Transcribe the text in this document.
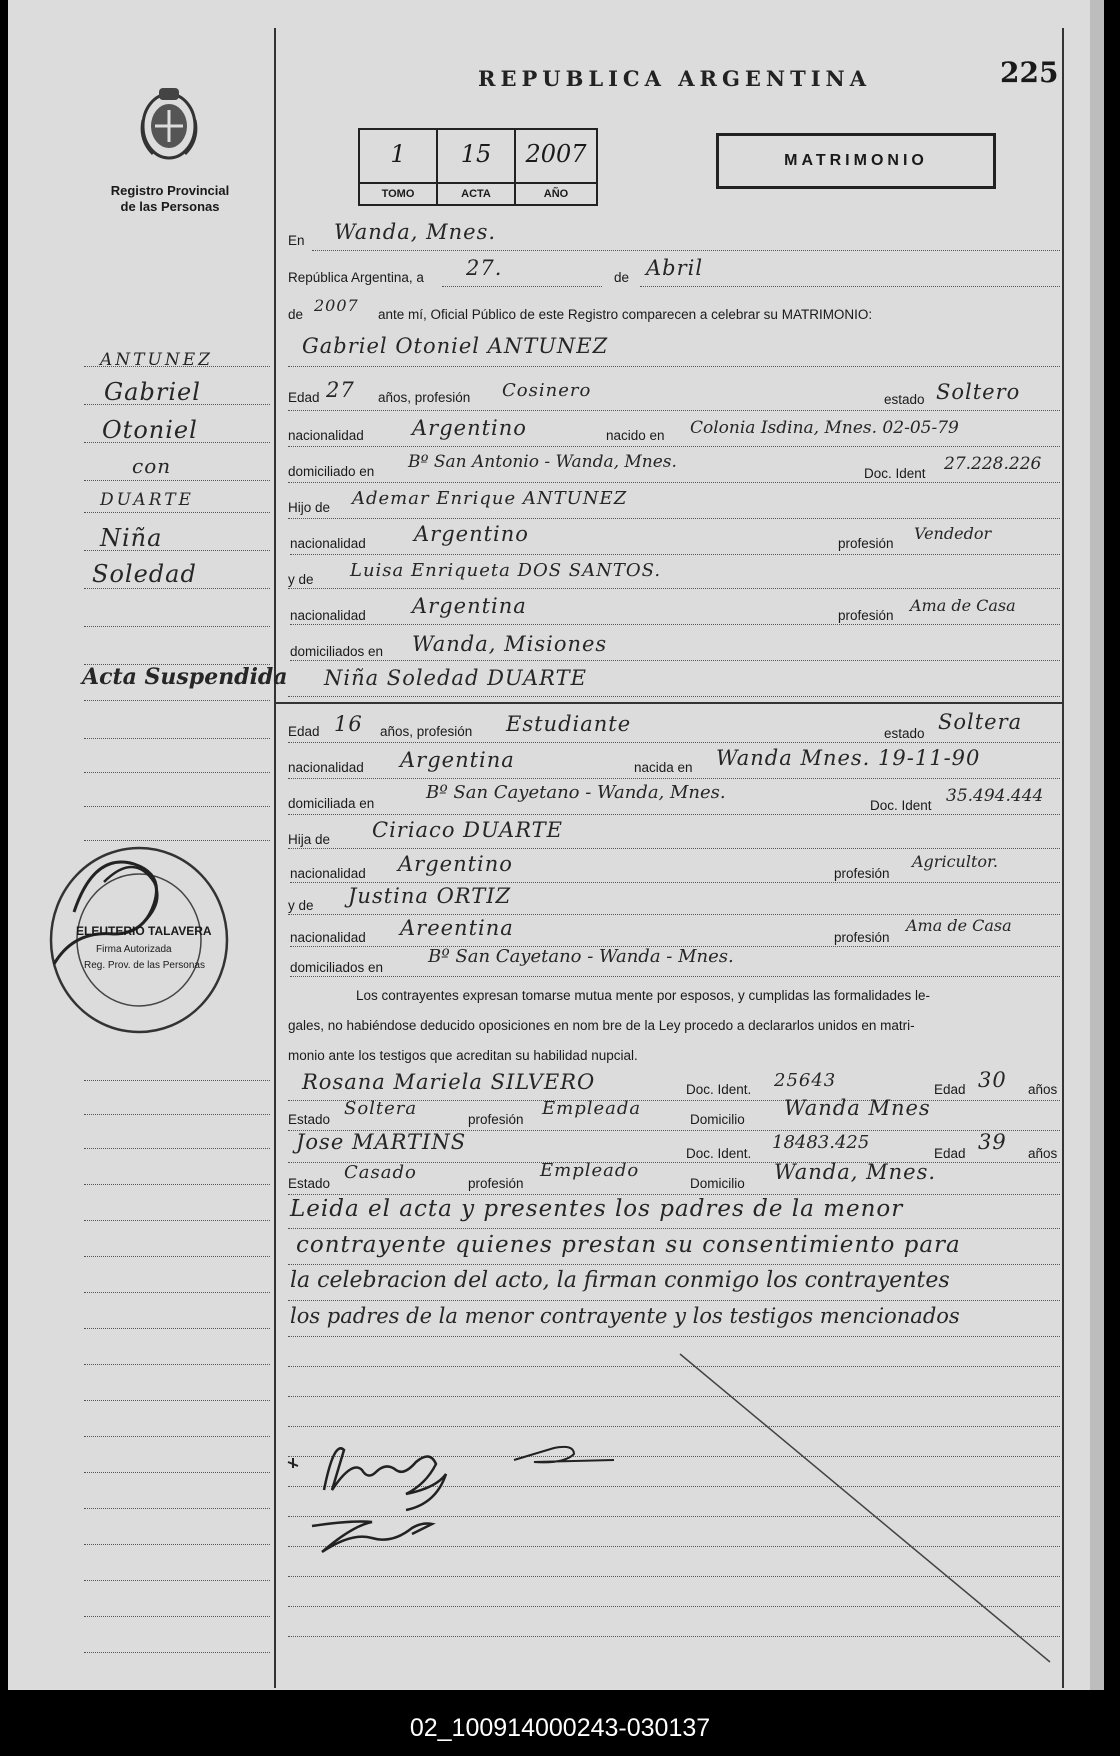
Registro Provincial
de las Personas
REPUBLICA ARGENTINA	225
1
TOMO
15
ACTA
2007
AÑO
MATRIMONIO
En Wanda, Mnes.
República Argentina, a 27.	de Abril
de 2007 ante mí, Oficial Público de este Registro comparecen a celebrar su MATRIMONIO:
Gabriel Otoniel ANTUNEZ
Edad 27 años, profesión Cosinero	estado Soltero
nacionalidad Argentino	nacido en Colonia Isdina, Mnes. 02-05-79
domiciliado en Bº San Antonio - Wanda, Mnes.
Doc. Ident 27.228.226
Hijo de Ademar Enrique ANTUNEZ
nacionalidad Argentino	profesión
Vendedor
y de Luisa Enriqueta DOS SANTOS.
nacionalidad Argentina	profesión
Ama de Casa
domiciliados en Wanda, Misiones
Niña Soledad DUARTE
Edad 16 años, profesión Estudiante	estado Soltera
nacionalidad Argentina	nacida en Wanda Mnes. 19-11-90
domiciliada en
Bº San Cayetano - Wanda, Mnes.
Doc. Ident 35.494.444
Hija de Ciriaco DUARTE
nacionalidad Argentino	profesión
Agricultor.
y de Justina ORTIZ
nacionalidad Areentina	profesión
Ama de Casa
domiciliados en
Bº San Cayetano - Wanda - Mnes.
Los contrayentes expresan tomarse mutua mente por esposos, y cumplidas las formalidades le-
gales, no habiéndose deducido oposiciones en nom bre de la Ley procedo a declararlos unidos en matri-
monio ante los testigos que acreditan su habilidad nupcial.
Rosana Mariela SILVERO	Doc. Ident. 25643	Edad 30 años
Estado
Soltera
profesión
Empleada
Domicilio Wanda Mnes
Jose MARTINS	Doc. Ident.
18483.425
Edad 39 años
Estado
Casado
profesión
Empleado
Domicilio Wanda, Mnes.
Leida el acta y presentes los padres de la menor
contrayente quienes prestan su consentimiento para
la celebracion del acto, la firman conmigo los contrayentes
los padres de la menor contrayente y los testigos mencionados
ANTUNEZ
Gabriel
Otoniel
con
DUARTE
Niña
Soledad
Acta Suspendida
ELEUTERIO TALAVERA
Firma Autorizada
Reg. Prov. de las Personas
02_100914000243-030137
